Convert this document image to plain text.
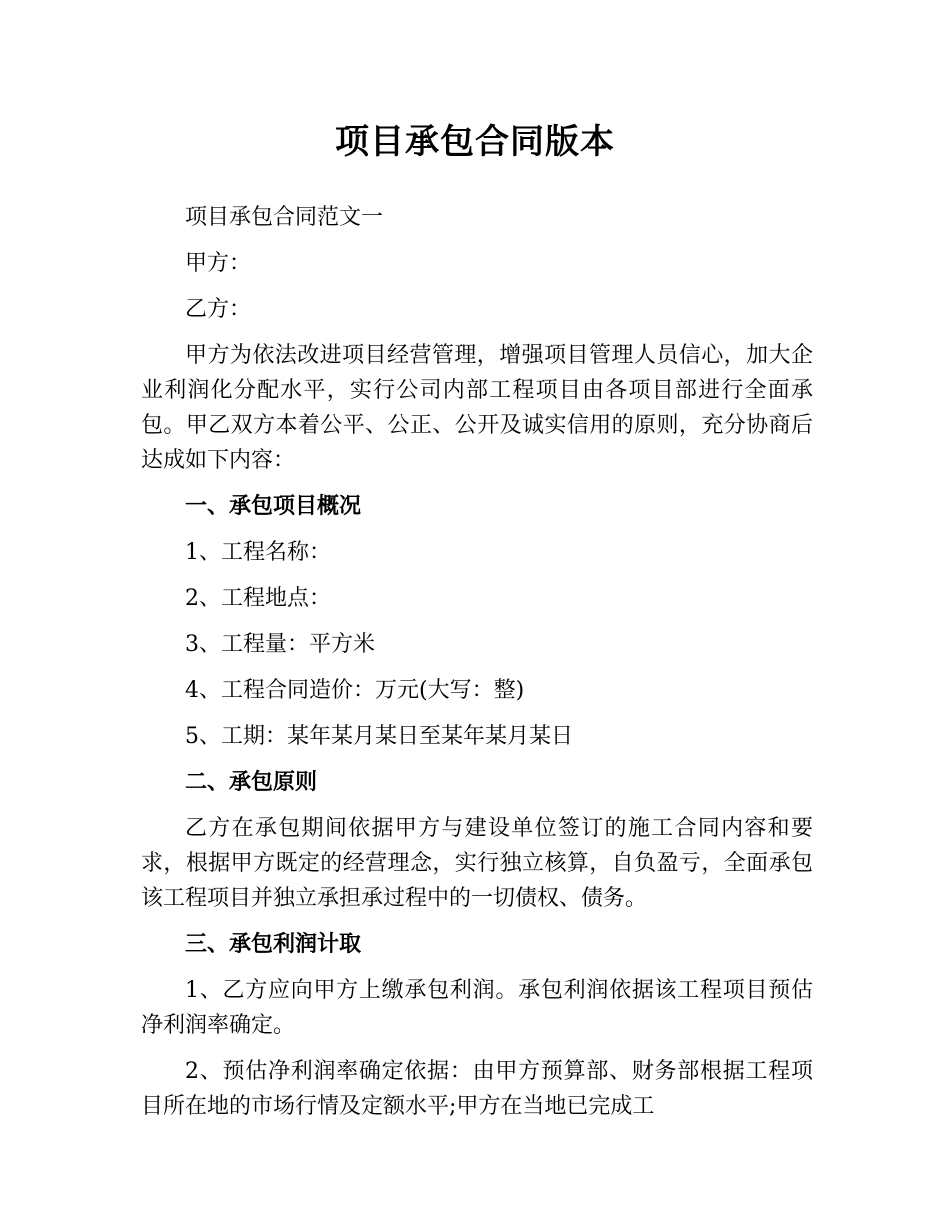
项目承包合同版本

项目承包合同范文一

甲方：

乙方：

甲方为依法改进项目经营管理，增强项目管理人员信心，加大企业利润化分配水平，实行公司内部工程项目由各项目部进行全面承包。甲乙双方本着公平、公正、公开及诚实信用的原则，充分协商后达成如下内容：

一、承包项目概况

1、工程名称：

2、工程地点：

3、工程量：平方米

4、工程合同造价：万元(大写：整)

5、工期：某年某月某日至某年某月某日

二、承包原则

乙方在承包期间依据甲方与建设单位签订的施工合同内容和要求，根据甲方既定的经营理念，实行独立核算，自负盈亏，全面承包该工程项目并独立承担承过程中的一切债权、债务。

三、承包利润计取

1、乙方应向甲方上缴承包利润。承包利润依据该工程项目预估净利润率确定。

2、预估净利润率确定依据：由甲方预算部、财务部根据工程项目所在地的市场行情及定额水平;甲方在当地已完成工
